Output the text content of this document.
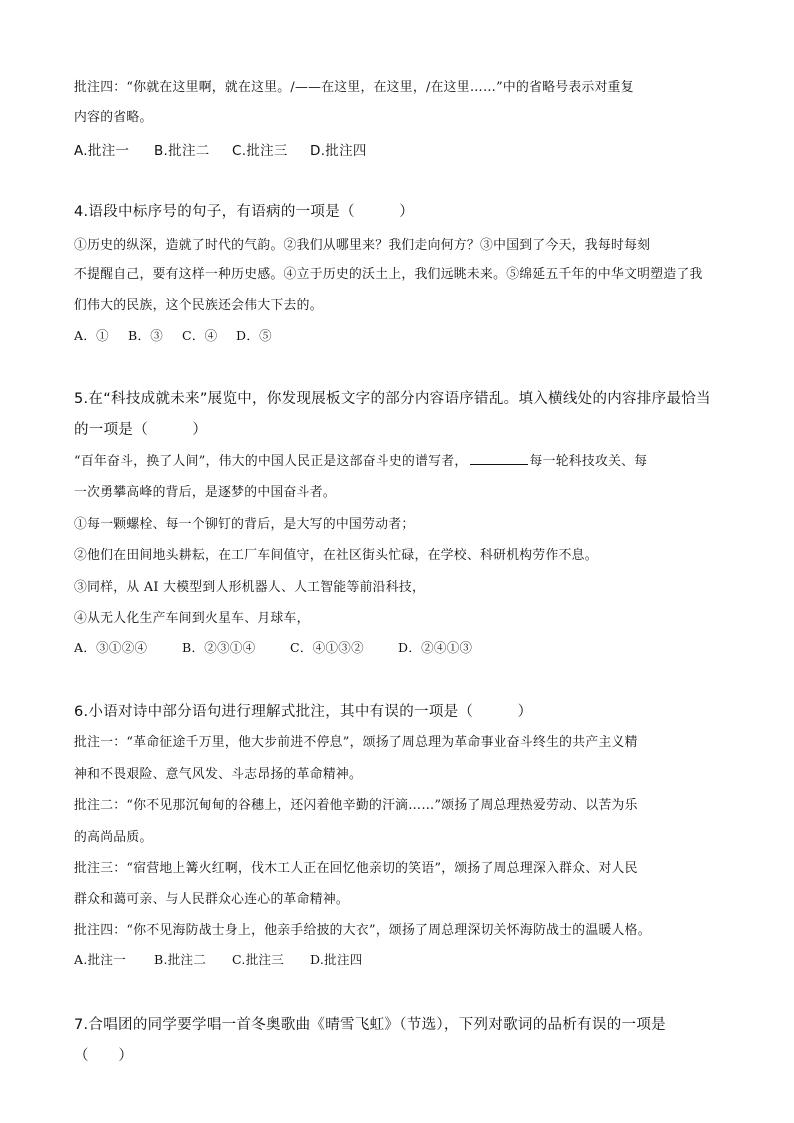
批注四：“你就在这里啊，就在这里。/——在这里，在这里，/在这里……”中的省略号表示对重复
内容的省略。
A.批注一 B.批注二 C.批注三 D.批注四
4.语段中标序号的句子，有语病的一项是（　　　）
①历史的纵深，造就了时代的气韵。②我们从哪里来？我们走向何方？③中国到了今天，我每时每刻
不提醒自己，要有这样一种历史感。④立于历史的沃土上，我们远眺未来。⑤绵延五千年的中华文明塑造了我
们伟大的民族，这个民族还会伟大下去的。
A．① B．③ C．④ D．⑤
5.在“科技成就未来”展览中，你发现展板文字的部分内容语序错乱。填入横线处的内容排序最恰当
的一项是（　　　）
“百年奋斗，换了人间”，伟大的中国人民正是这部奋斗史的谱写者，	每一轮科技攻关、每
一次勇攀高峰的背后，是逐梦的中国奋斗者。
①每一颗螺栓、每一个铆钉的背后，是大写的中国劳动者；
②他们在田间地头耕耘，在工厂车间值守，在社区街头忙碌，在学校、科研机构劳作不息。
③同样，从 AI 大模型到人形机器人、人工智能等前沿科技，
④从无人化生产车间到火星车、月球车，
A．③①②④	B．②③①④	C．④①③②	D．②④①③
6.小语对诗中部分语句进行理解式批注，其中有误的一项是（　　　）
批注一：“革命征途千万里，他大步前进不停息”，颂扬了周总理为革命事业奋斗终生的共产主义精
神和不畏艰险、意气风发、斗志昂扬的革命精神。
批注二：“你不见那沉甸甸的谷穗上，还闪着他辛勤的汗滴……”颂扬了周总理热爱劳动、以苦为乐
的高尚品质。
批注三：“宿营地上篝火红啊，伐木工人正在回忆他亲切的笑语”，颂扬了周总理深入群众、对人民
群众和蔼可亲、与人民群众心连心的革命精神。
批注四：“你不见海防战士身上，他亲手给披的大衣”，颂扬了周总理深切关怀海防战士的温暖人格。
A.批注一 B.批注二 C.批注三 D.批注四
7.合唱团的同学要学唱一首冬奥歌曲《晴雪飞虹》（节选），下列对歌词的品析有误的一项是
（　　）
